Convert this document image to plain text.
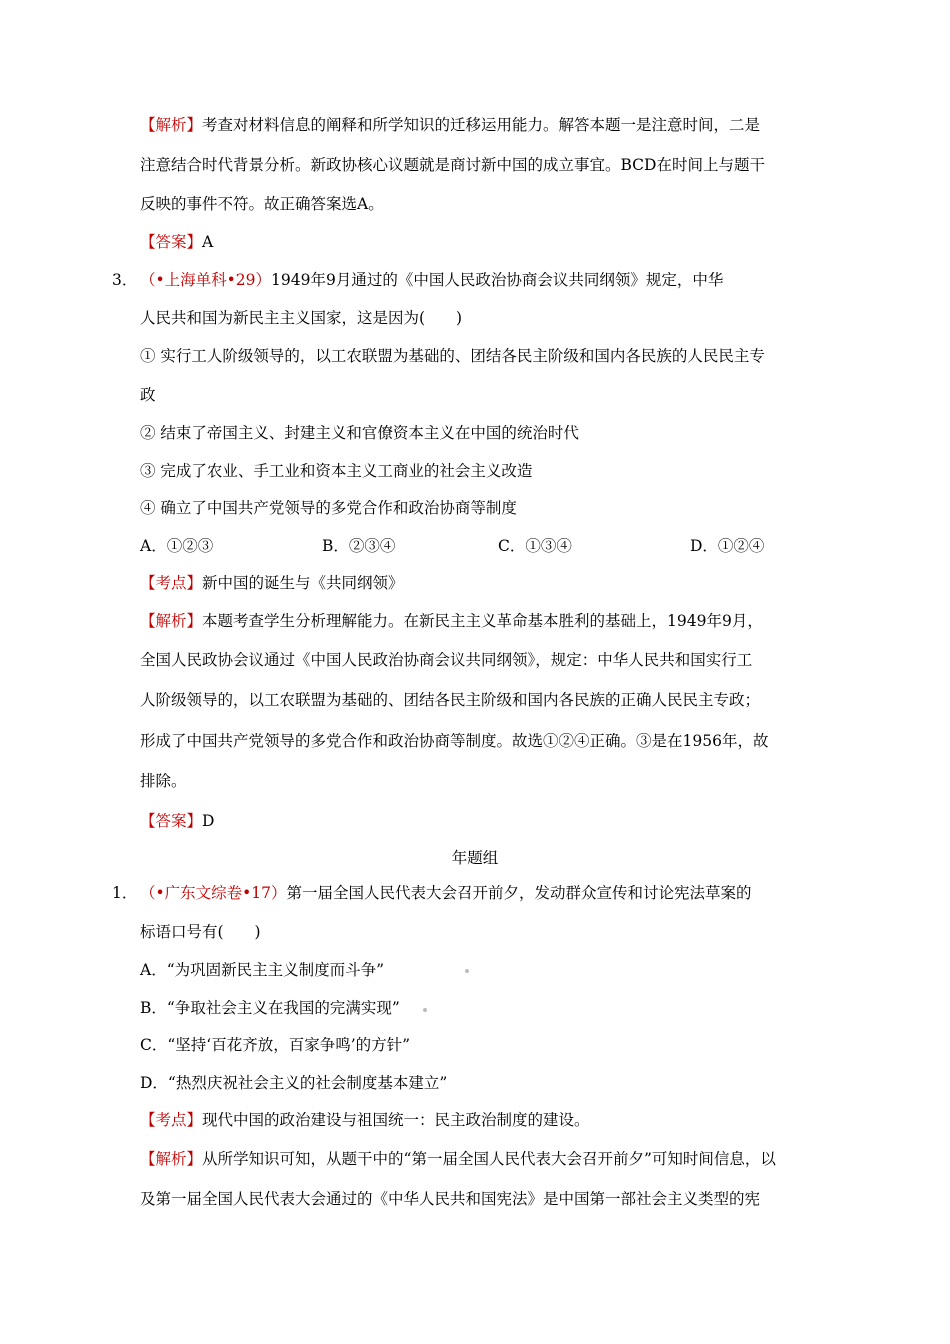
【解析】考查对材料信息的阐释和所学知识的迁移运用能力。解答本题一是注意时间，二是
注意结合时代背景分析。新政协核心议题就是商讨新中国的成立事宜。BCD在时间上与题干
反映的事件不符。故正确答案选A。
【答案】A
3． （•上海单科•29）1949年9月通过的《中国人民政治协商会议共同纲领》规定，中华
人民共和国为新民主主义国家，这是因为(　　)
① 实行工人阶级领导的，以工农联盟为基础的、团结各民主阶级和国内各民族的人民民主专
政
② 结束了帝国主义、封建主义和官僚资本主义在中国的统治时代
③ 完成了农业、手工业和资本主义工商业的社会主义改造
④ 确立了中国共产党领导的多党合作和政治协商等制度
A．①②③	B．②③④	C．①③④	D．①②④
【考点】新中国的诞生与《共同纲领》
【解析】本题考查学生分析理解能力。在新民主主义革命基本胜利的基础上，1949年9月，
全国人民政协会议通过《中国人民政治协商会议共同纲领》，规定：中华人民共和国实行工
人阶级领导的，以工农联盟为基础的、团结各民主阶级和国内各民族的正确人民民主专政；
形成了中国共产党领导的多党合作和政治协商等制度。故选①②④正确。③是在1956年，故
排除。
【答案】D
年题组
1． （•广东文综卷•17）第一届全国人民代表大会召开前夕，发动群众宣传和讨论宪法草案的
标语口号有(　　)
A．“为巩固新民主主义制度而斗争”
B．“争取社会主义在我国的完满实现”
C．“坚持‘百花齐放，百家争鸣’的方针”
D．“热烈庆祝社会主义的社会制度基本建立”
【考点】现代中国的政治建设与祖国统一：民主政治制度的建设。
【解析】从所学知识可知，从题干中的“第一届全国人民代表大会召开前夕”可知时间信息，以
及第一届全国人民代表大会通过的《中华人民共和国宪法》是中国第一部社会主义类型的宪
